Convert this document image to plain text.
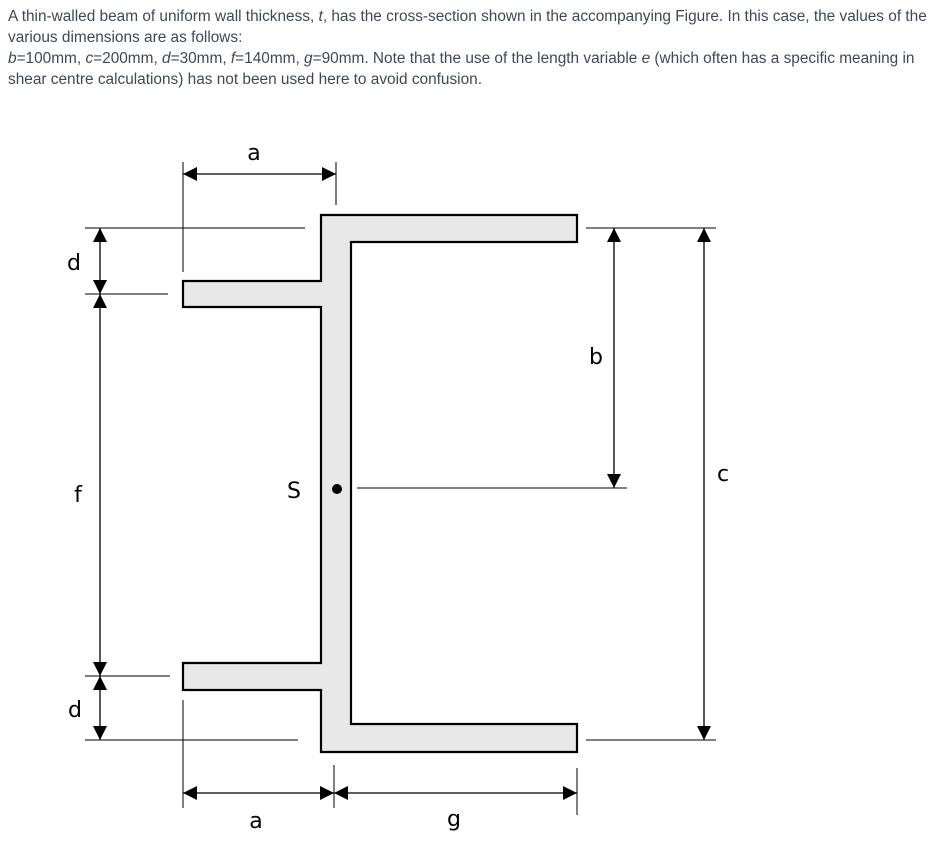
A thin-walled beam of uniform wall thickness, t, has the cross-section shown in the accompanying Figure. In this case, the values of the various dimensions are as follows:
b=100mm, c=200mm, d=30mm, f=140mm, g=90mm. Note that the use of the length variable e (which often has a specific meaning in shear centre calculations) has not been used here to avoid confusion.

S
a
d
f
d
b
c
a	g
